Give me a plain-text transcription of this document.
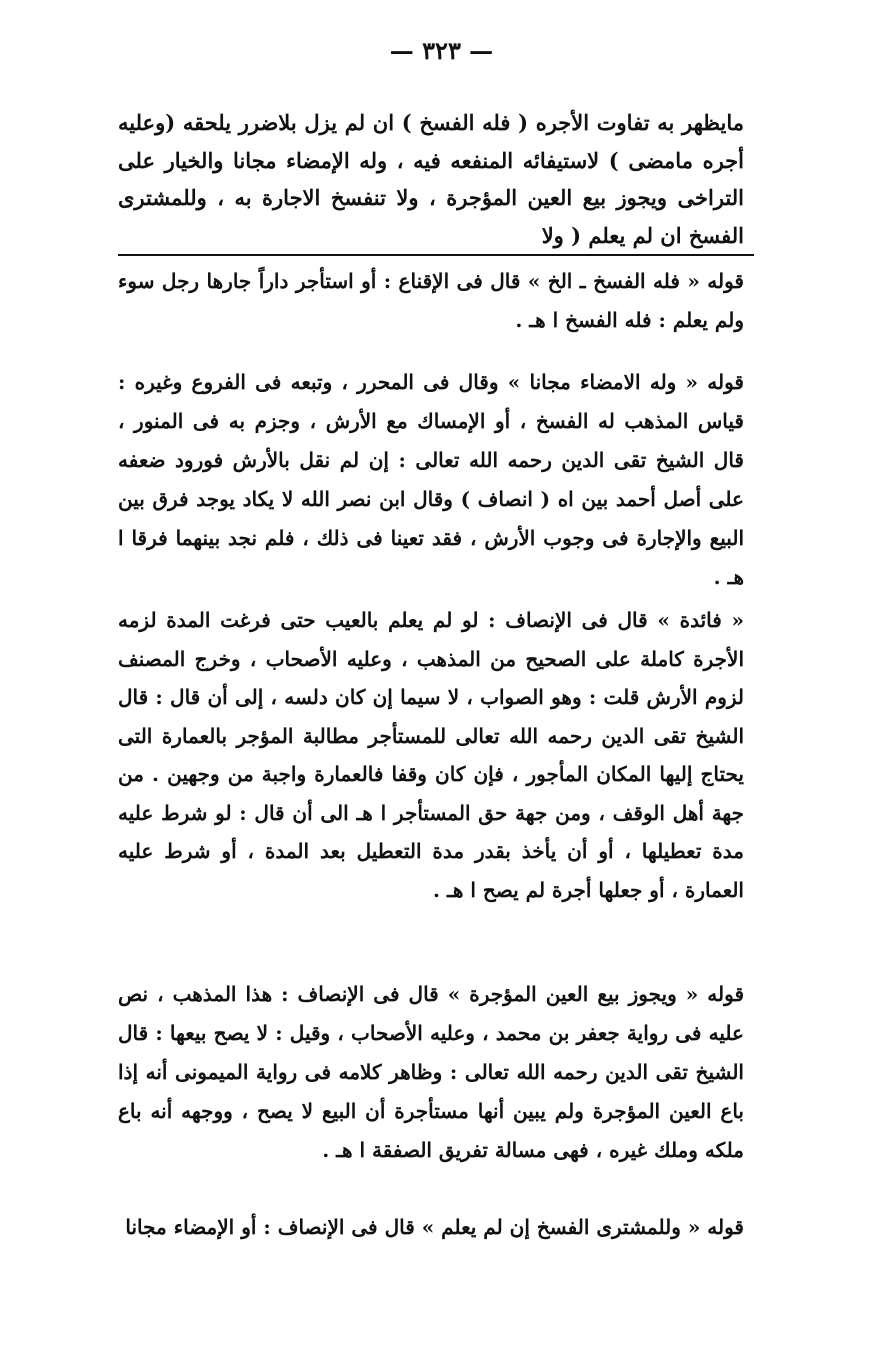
— ٣٢٣ —

مايظهر به تفاوت الأجره ( فله الفسخ ) ان لم يزل بلاضرر يلحقه (وعليه أجره مامضى ) لاستيفائه المنفعه فيه ، وله الإمضاء مجانا والخيار على التراخى ويجوز بيع العين المؤجرة ، ولا تنفسخ الاجارة به ، وللمشترى الفسخ ان لم يعلم ( ولا

قوله « فله الفسخ ـ الخ » قال فى الإقناع : أو استأجر داراً جارها رجل سوء ولم يعلم : فله الفسخ ا هـ .

قوله « وله الامضاء مجانا » وقال فى المحرر ، وتبعه فى الفروع وغيره : قياس المذهب له الفسخ ، أو الإمساك مع الأرش ، وجزم به فى المنور ، قال الشيخ تقى الدين رحمه الله تعالى : إن لم نقل بالأرش فورود ضعفه على أصل أحمد بين اه ( انصاف ) وقال ابن نصر الله لا يكاد يوجد فرق بين البيع والإجارة فى وجوب الأرش ، فقد تعينا فى ذلك ، فلم نجد بينهما فرقا ا هـ .

« فائدة » قال فى الإنصاف : لو لم يعلم بالعيب حتى فرغت المدة لزمه الأجرة كاملة على الصحيح من المذهب ، وعليه الأصحاب ، وخرج المصنف لزوم الأرش قلت : وهو الصواب ، لا سيما إن كان دلسه ، إلى أن قال : قال الشيخ تقى الدين رحمه الله تعالى للمستأجر مطالبة المؤجر بالعمارة التى يحتاج إليها المكان المأجور ، فإن كان وقفا فالعمارة واجبة من وجهين . من جهة أهل الوقف ، ومن جهة حق المستأجر ا هـ الى أن قال : لو شرط عليه مدة تعطيلها ، أو أن يأخذ بقدر مدة التعطيل بعد المدة ، أو شرط عليه العمارة ، أو جعلها أجرة لم يصح ا هـ .

قوله « ويجوز بيع العين المؤجرة » قال فى الإنصاف : هذا المذهب ، نص عليه فى رواية جعفر بن محمد ، وعليه الأصحاب ، وقيل : لا يصح بيعها : قال الشيخ تقى الدين رحمه الله تعالى : وظاهر كلامه فى رواية الميمونى أنه إذا باع العين المؤجرة ولم يبين أنها مستأجرة أن البيع لا يصح ، ووجهه أنه باع ملكه وملك غيره ، فهى مسالة تفريق الصفقة ا هـ .

قوله « وللمشترى الفسخ إن لم يعلم » قال فى الإنصاف : أو الإمضاء مجانا
